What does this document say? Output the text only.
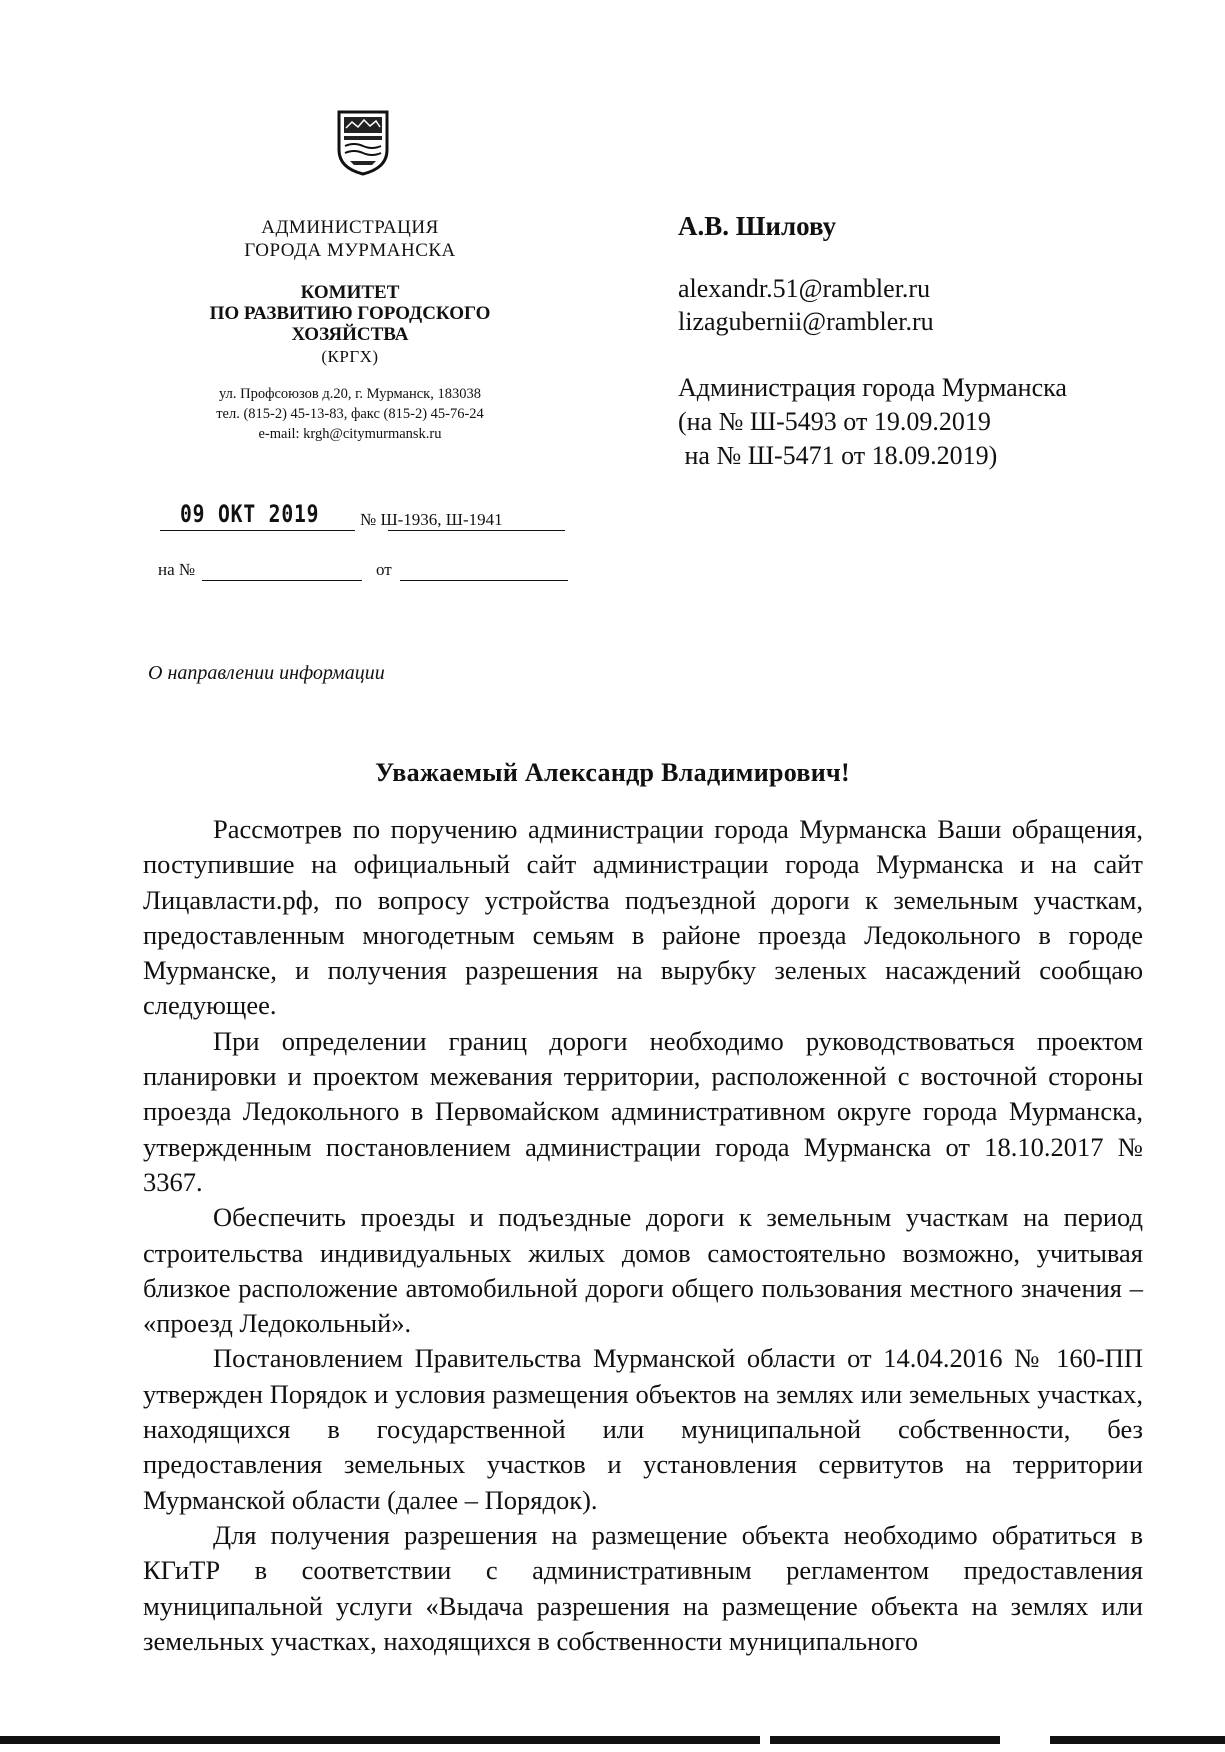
АДМИНИСТРАЦИЯ
ГОРОДА МУРМАНСКА
КОМИТЕТ
ПО РАЗВИТИЮ ГОРОДСКОГО
ХОЗЯЙСТВА
(КРГХ)
ул. Профсоюзов д.20, г. Мурманск, 183038
тел. (815-2) 45-13-83, факс (815-2) 45-76-24
e-mail: krgh@citymurmansk.ru
09 ОКТ 2019 № Ш-1936, Ш-1941
на №	от
А.В. Шилову
alexandr.51@rambler.ru
lizagubernii@rambler.ru
Администрация города Мурманска
(на № Ш-5493 от 19.09.2019
на № Ш-5471 от 18.09.2019)
О направлении информации
Уважаемый Александр Владимирович!

Рассмотрев по поручению администрации города Мурманска Ваши обращения, поступившие на официальный сайт администрации города Мурманска и на сайт Лицавласти.рф, по вопросу устройства подъездной дороги к земельным участкам, предоставленным многодетным семьям в районе проезда Ледокольного в городе Мурманске, и получения разрешения на вырубку зеленых насаждений сообщаю следующее.

При определении границ дороги необходимо руководствоваться проектом планировки и проектом межевания территории, расположенной с восточной стороны проезда Ледокольного в Первомайском административном округе города Мурманска, утвержденным постановлением администрации города Мурманска от 18.10.2017 № 3367.

Обеспечить проезды и подъездные дороги к земельным участкам на период строительства индивидуальных жилых домов самостоятельно возможно, учитывая близкое расположение автомобильной дороги общего пользования местного значения – «проезд Ледокольный».

Постановлением Правительства Мурманской области от 14.04.2016 № 160-ПП утвержден Порядок и условия размещения объектов на землях или земельных участках, находящихся в государственной или муниципальной собственности, без предоставления земельных участков и установления сервитутов на территории Мурманской области (далее – Порядок).

Для получения разрешения на размещение объекта необходимо обратиться в КГиТР в соответствии с административным регламентом предоставления муниципальной услуги «Выдача разрешения на размещение объекта на землях или земельных участках, находящихся в собственности муниципального
